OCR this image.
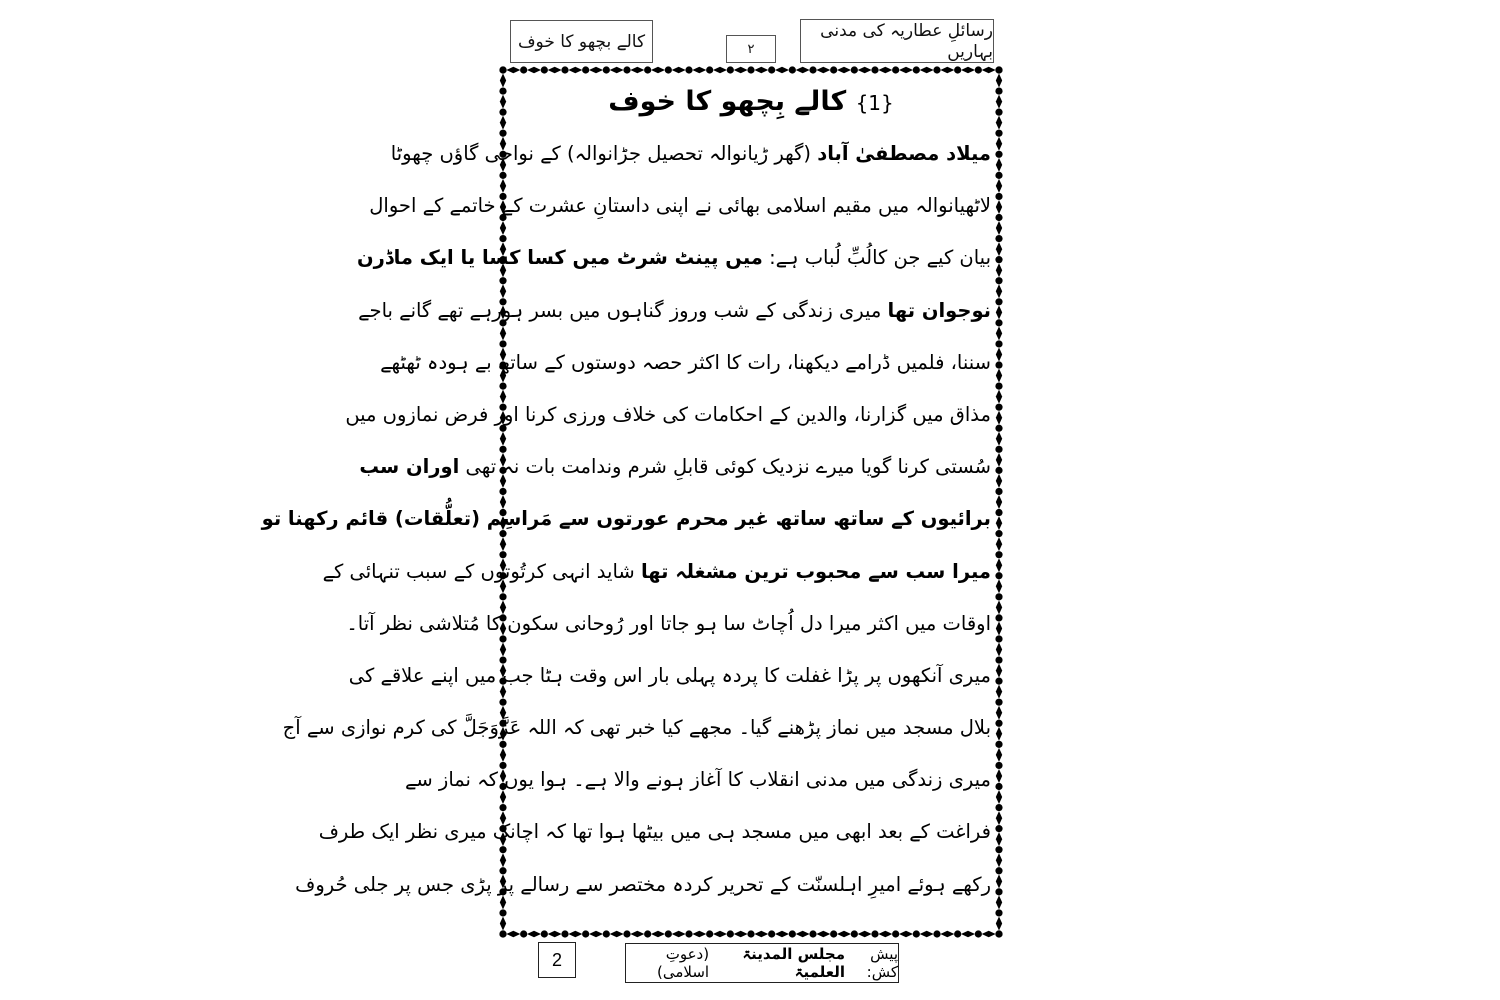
کالے بچھو کا خوف	۲
رسائلِ عطاریہ کی مدنی بہاریں
{1} کالے بِچھو کا خوف
میلاد مصطفیٰ آباد (گھر ڑیانوالہ تحصیل جڑانوالہ) کے نواحی گاؤں چھوٹا
لاٹھیانوالہ میں مقیم اسلامی بھائی نے اپنی داستانِ عشرت کے خاتمے کے احوال
بیان کیے جن کالُبِّ لُباب ہے: میں پینٹ شرٹ میں کسا کسا یا ایک ماڈرن
نوجوان تھا میری زندگی کے شب وروز گناہوں میں بسر ہورہے تھے گانے باجے
سننا، فلمیں ڈرامے دیکھنا، رات کا اکثر حصہ دوستوں کے ساتھ بے ہودہ ٹھٹھے
مذاق میں گزارنا، والدین کے احکامات کی خلاف ورزی کرنا اور فرض نمازوں میں
سُستی کرنا گویا میرے نزدیک کوئی قابلِ شرم وندامت بات نہ تھی اوران سب
برائیوں کے ساتھ ساتھ غیر محرم عورتوں سے مَراسِم (تعلُّقات) قائم رکھنا تو
میرا سب سے محبوب ترین مشغلہ تھا شاید انہی کرتُوتوں کے سبب تنہائی کے
اوقات میں اکثر میرا دل اُچاٹ سا ہو جاتا اور رُوحانی سکون کا مُتلاشی نظر آتا۔
میری آنکھوں پر پڑا غفلت کا پردہ پہلی بار اس وقت ہٹا جب میں اپنے علاقے کی
بلال مسجد میں نماز پڑھنے گیا۔ مجھے کیا خبر تھی کہ اللہ عَزَّوَجَلَّ کی کرم نوازی سے آج
میری زندگی میں مدنی انقلاب کا آغاز ہونے والا ہے۔ ہوا یوں کہ نماز سے
فراغت کے بعد ابھی میں مسجد ہی میں بیٹھا ہوا تھا کہ اچانک میری نظر ایک طرف
رکھے ہوئے امیرِ اہلسنّت کے تحریر کردہ مختصر سے رسالے پر پڑی جس پر جلی حُروف
2	پیش کش:
مجلس المدینۃ العلمیۃ

(دعوتِ اسلامی)
